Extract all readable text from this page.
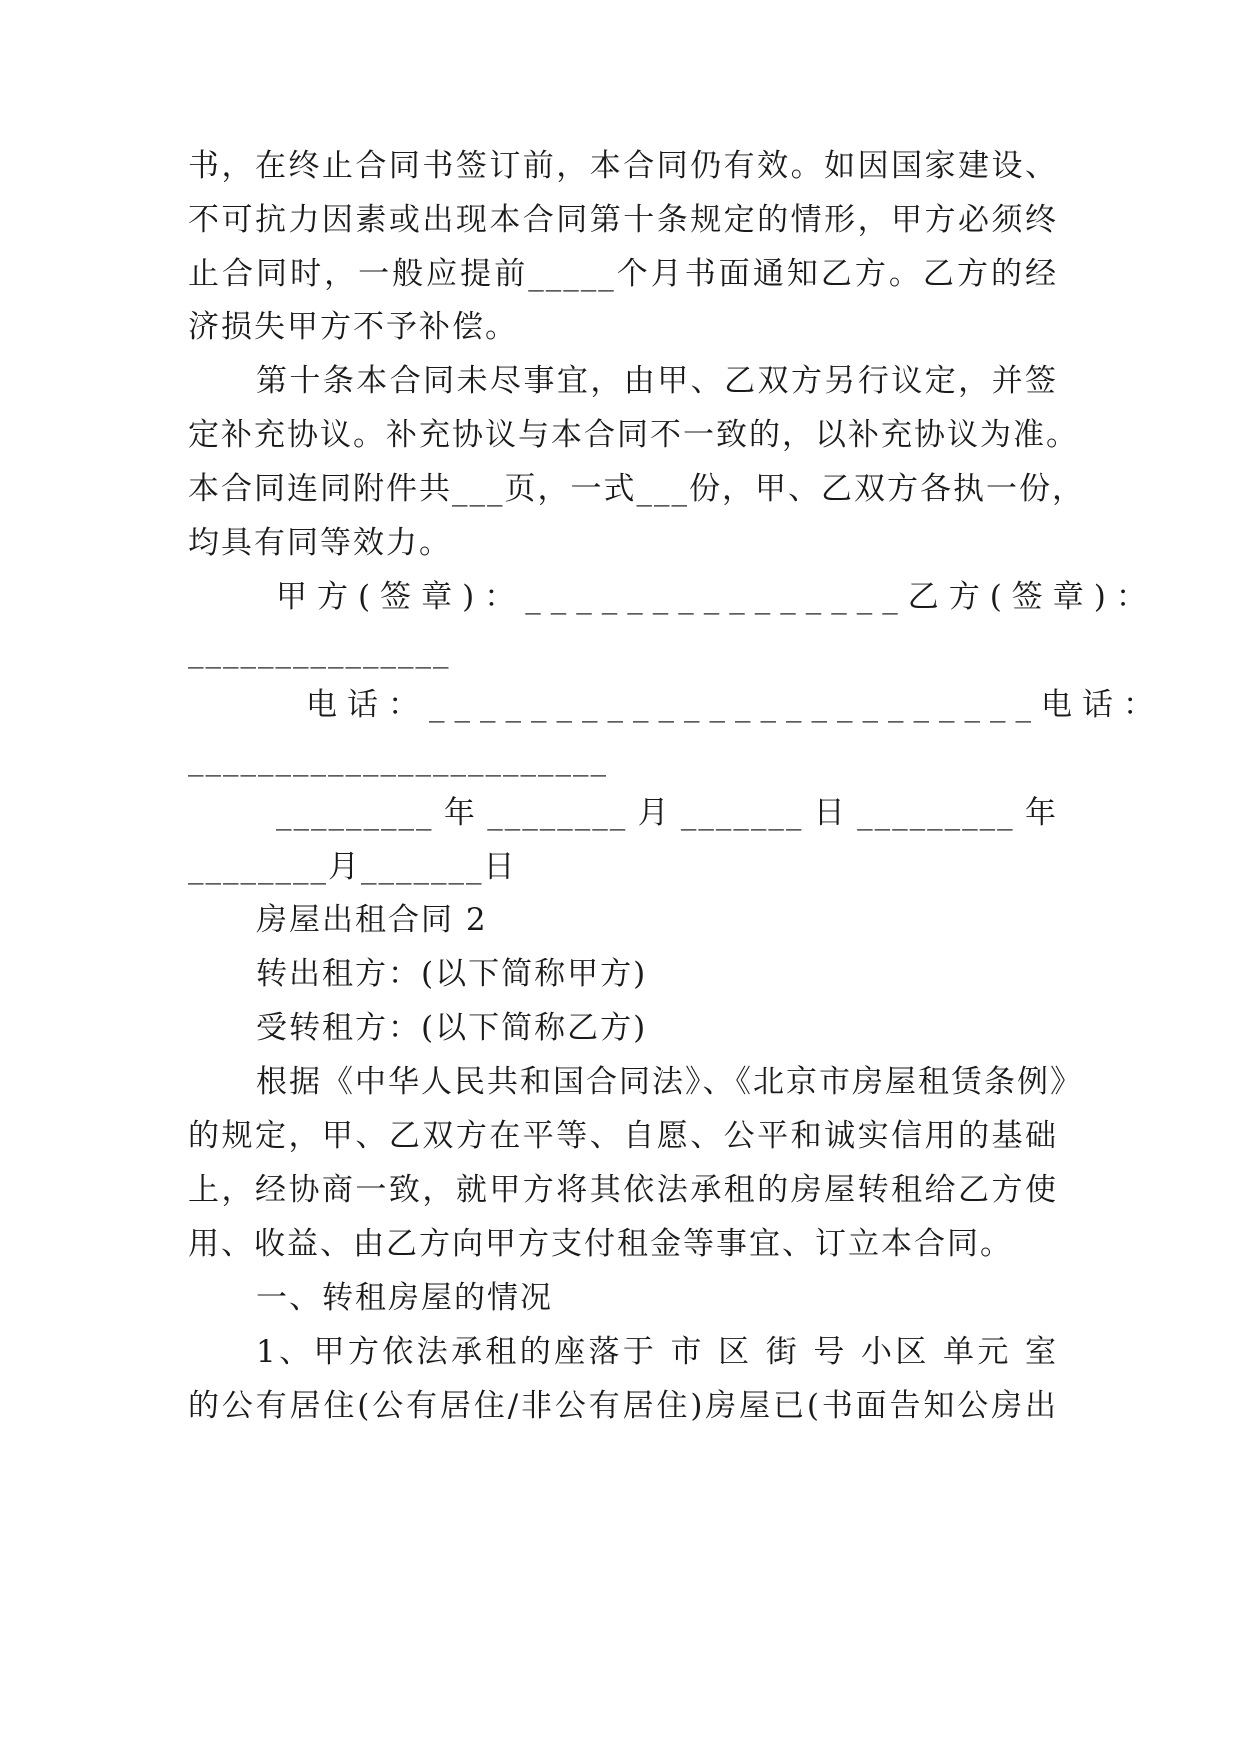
书，在终止合同书签订前，本合同仍有效。如因国家建设、
不可抗力因素或出现本合同第十条规定的情形，甲方必须终
止合同时，一般应提前_____个月书面通知乙方。乙方的经
济损失甲方不予补偿。
第十条本合同未尽事宜，由甲、乙双方另行议定，并签
定补充协议。补充协议与本合同不一致的，以补充协议为准。
本合同连同附件共___页，一式___份，甲、乙双方各执一份，
均具有同等效力。
甲方(签章)：_______________乙方(签章)：
_______________
电话：________________________电话：
________________________
_________年________月_______日_________年
________月_______日
房屋出租合同 2
转出租方：(以下简称甲方)
受转租方：(以下简称乙方)
根据《中华人民共和国合同法》、《北京市房屋租赁条例》
的规定，甲、乙双方在平等、自愿、公平和诚实信用的基础
上，经协商一致，就甲方将其依法承租的房屋转租给乙方使
用、收益、由乙方向甲方支付租金等事宜、订立本合同。
一、转租房屋的情况
1、甲方依法承租的座落于 市 区 街 号 小区 单元 室
的公有居住(公有居住/非公有居住)房屋已(书面告知公房出
